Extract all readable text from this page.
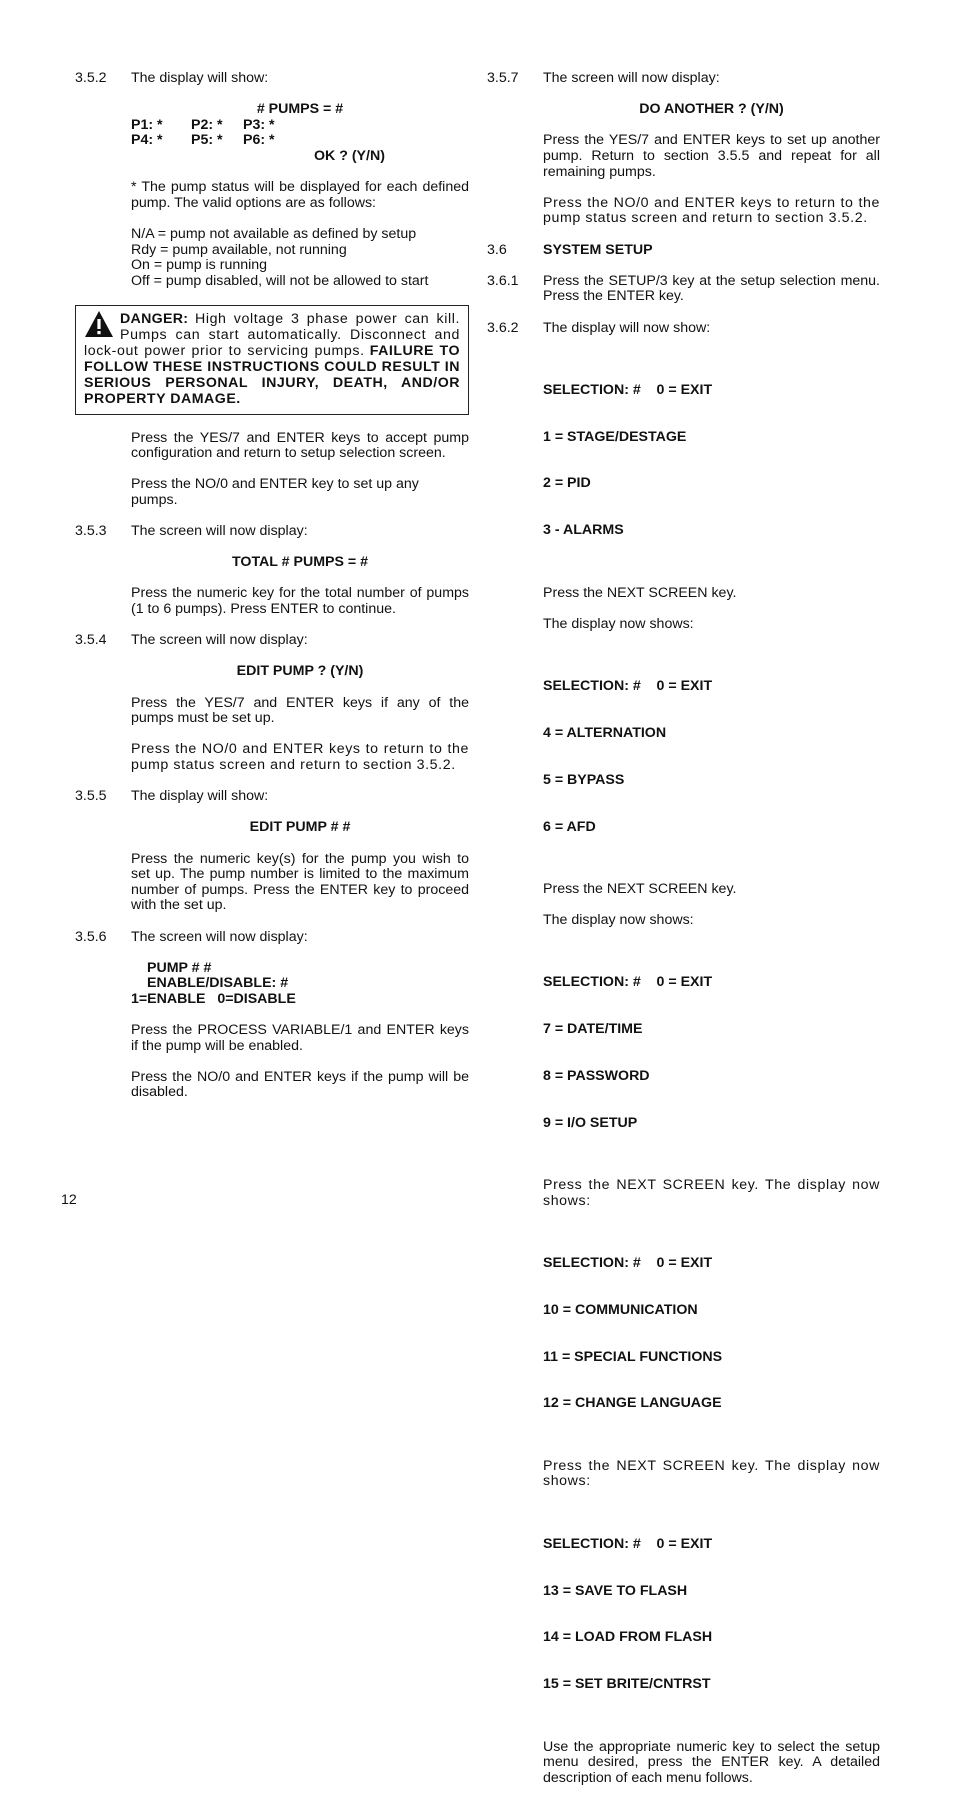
3.5.2 The display will show:

# PUMPS = #
P1: * P2: * P3: *
P4: * P5: * P6: *
OK ? (Y/N)

* The pump status will be displayed for each defined pump. The valid options are as follows:

N/A = pump not available as defined by setup
Rdy = pump available, not running
On = pump is running
Off = pump disabled, will not be allowed to start
DANGER: High voltage 3 phase power can kill. Pumps can start automatically. Disconnect and lock-out power prior to servicing pumps. FAILURE TO FOLLOW THESE INSTRUCTIONS COULD RESULT IN SERIOUS PERSONAL INJURY, DEATH, AND/OR PROPERTY DAMAGE.

Press the YES/7 and ENTER keys to accept pump configuration and return to setup selection screen.

Press the NO/0 and ENTER key to set up any pumps.

3.5.3 The screen will now display:

TOTAL # PUMPS = #

Press the numeric key for the total number of pumps (1 to 6 pumps). Press ENTER to continue.

3.5.4 The screen will now display:

EDIT PUMP ? (Y/N)

Press the YES/7 and ENTER keys if any of the pumps must be set up.

Press the NO/0 and ENTER keys to return to the pump status screen and return to section 3.5.2.

3.5.5 The display will show:

EDIT PUMP # #

Press the numeric key(s) for the pump you wish to set up. The pump number is limited to the maximum number of pumps. Press the ENTER key to proceed with the set up.

3.5.6 The screen will now display:

PUMP # #
ENABLE/DISABLE: #
1=ENABLE   0=DISABLE

Press the PROCESS VARIABLE/1 and ENTER keys if the pump will be enabled.

Press the NO/0 and ENTER keys if the pump will be disabled.

3.5.7 The screen will now display:

DO ANOTHER ? (Y/N)

Press the YES/7 and ENTER keys to set up another pump. Return to section 3.5.5 and repeat for all remaining pumps.

Press the NO/0 and ENTER keys to return to the pump status screen and return to section 3.5.2.

3.6	SYSTEM SETUP
3.6.1 Press the SETUP/3 key at the setup selection menu. Press the ENTER key.

3.6.2 The display will now show:

SELECTION: #    0 = EXIT

1 = STAGE/DESTAGE

2 = PID

3 - ALARMS

Press the NEXT SCREEN key.

The display now shows:

SELECTION: #    0 = EXIT

4 = ALTERNATION

5 = BYPASS

6 = AFD

Press the NEXT SCREEN key.

The display now shows:

SELECTION: #    0 = EXIT

7 = DATE/TIME

8 = PASSWORD

9 = I/O SETUP

Press the NEXT SCREEN key. The display now shows:

SELECTION: #    0 = EXIT

10 = COMMUNICATION

11 = SPECIAL FUNCTIONS

12 = CHANGE LANGUAGE

Press the NEXT SCREEN key. The display now shows:

SELECTION: #    0 = EXIT

13 = SAVE TO FLASH

14 = LOAD FROM FLASH

15 = SET BRITE/CNTRST

Use the appropriate numeric key to select the setup menu desired, press the ENTER key. A detailed description of each menu follows.

12
